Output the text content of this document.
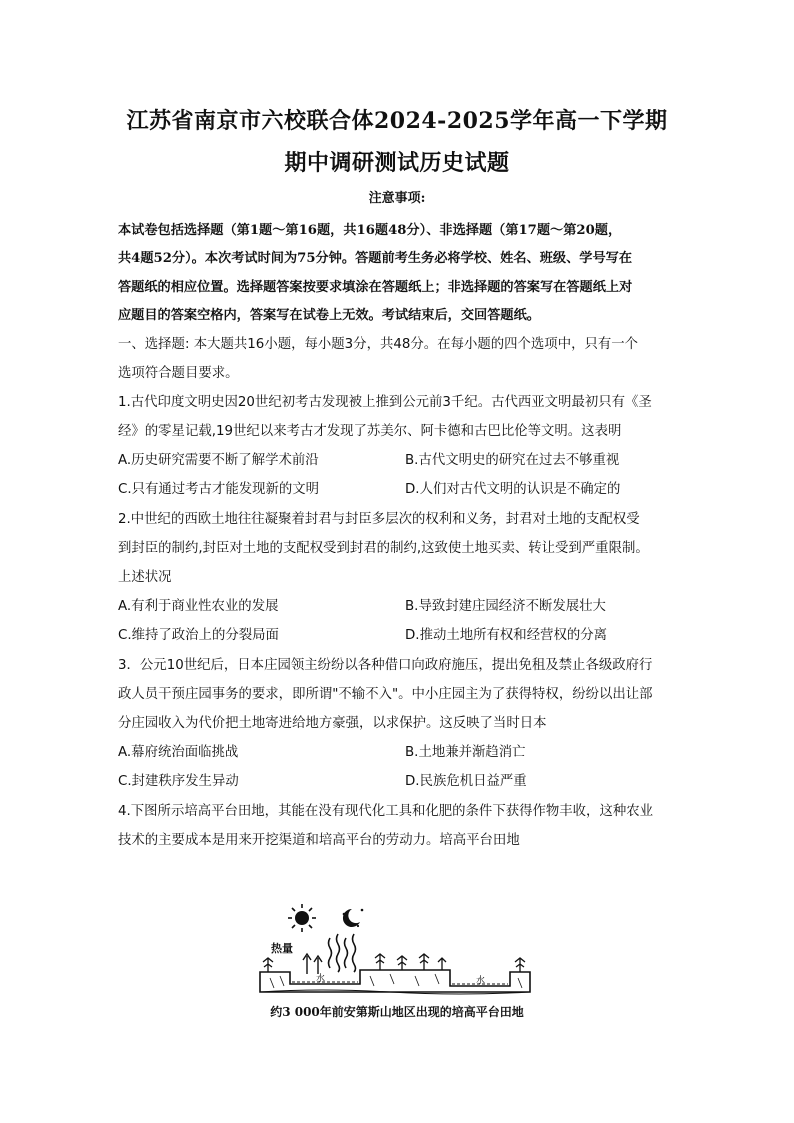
江苏省南京市六校联合体2024-2025学年高一下学期
期中调研测试历史试题
注意事项:
本试卷包括选择题（第1题～第16题，共16题48分）、非选择题（第17题～第20题，
共4题52分）。本次考试时间为75分钟。答题前考生务必将学校、姓名、班级、学号写在
答题纸的相应位置。选择题答案按要求填涂在答题纸上；非选择题的答案写在答题纸上对
应题目的答案空格内，答案写在试卷上无效。考试结束后，交回答题纸。
一、选择题: 本大题共16小题，每小题3分，共48分。在每小题的四个选项中，只有一个
选项符合题目要求。
1.古代印度文明史因20世纪初考古发现被上推到公元前3千纪。古代西亚文明最初只有《圣
经》的零星记载,19世纪以来考古才发现了苏美尔、阿卡德和古巴比伦等文明。这表明
A.历史研究需要不断了解学术前沿	B.古代文明史的研究在过去不够重视
C.只有通过考古才能发现新的文明	D.人们对古代文明的认识是不确定的
2.中世纪的西欧土地往往凝聚着封君与封臣多层次的权利和义务，封君对土地的支配权受
到封臣的制约,封臣对土地的支配权受到封君的制约,这致使土地买卖、转让受到严重限制。
上述状况
A.有利于商业性农业的发展	B.导致封建庄园经济不断发展壮大
C.维持了政治上的分裂局面	D.推动土地所有权和经营权的分离
3．公元10世纪后，日本庄园领主纷纷以各种借口向政府施压，提出免租及禁止各级政府行
政人员干预庄园事务的要求，即所谓"不输不入"。中小庄园主为了获得特权，纷纷以出让部
分庄园收入为代价把土地寄进给地方豪强，以求保护。这反映了当时日本
A.幕府统治面临挑战	B.土地兼并渐趋消亡
C.封建秩序发生异动	D.民族危机日益严重
4.下图所示培高平台田地，其能在没有现代化工具和化肥的条件下获得作物丰收，这种农业
技术的主要成本是用来开挖渠道和培高平台的劳动力。培高平台田地
热量
水	水
约3 000年前安第斯山地区出现的培高平台田地
